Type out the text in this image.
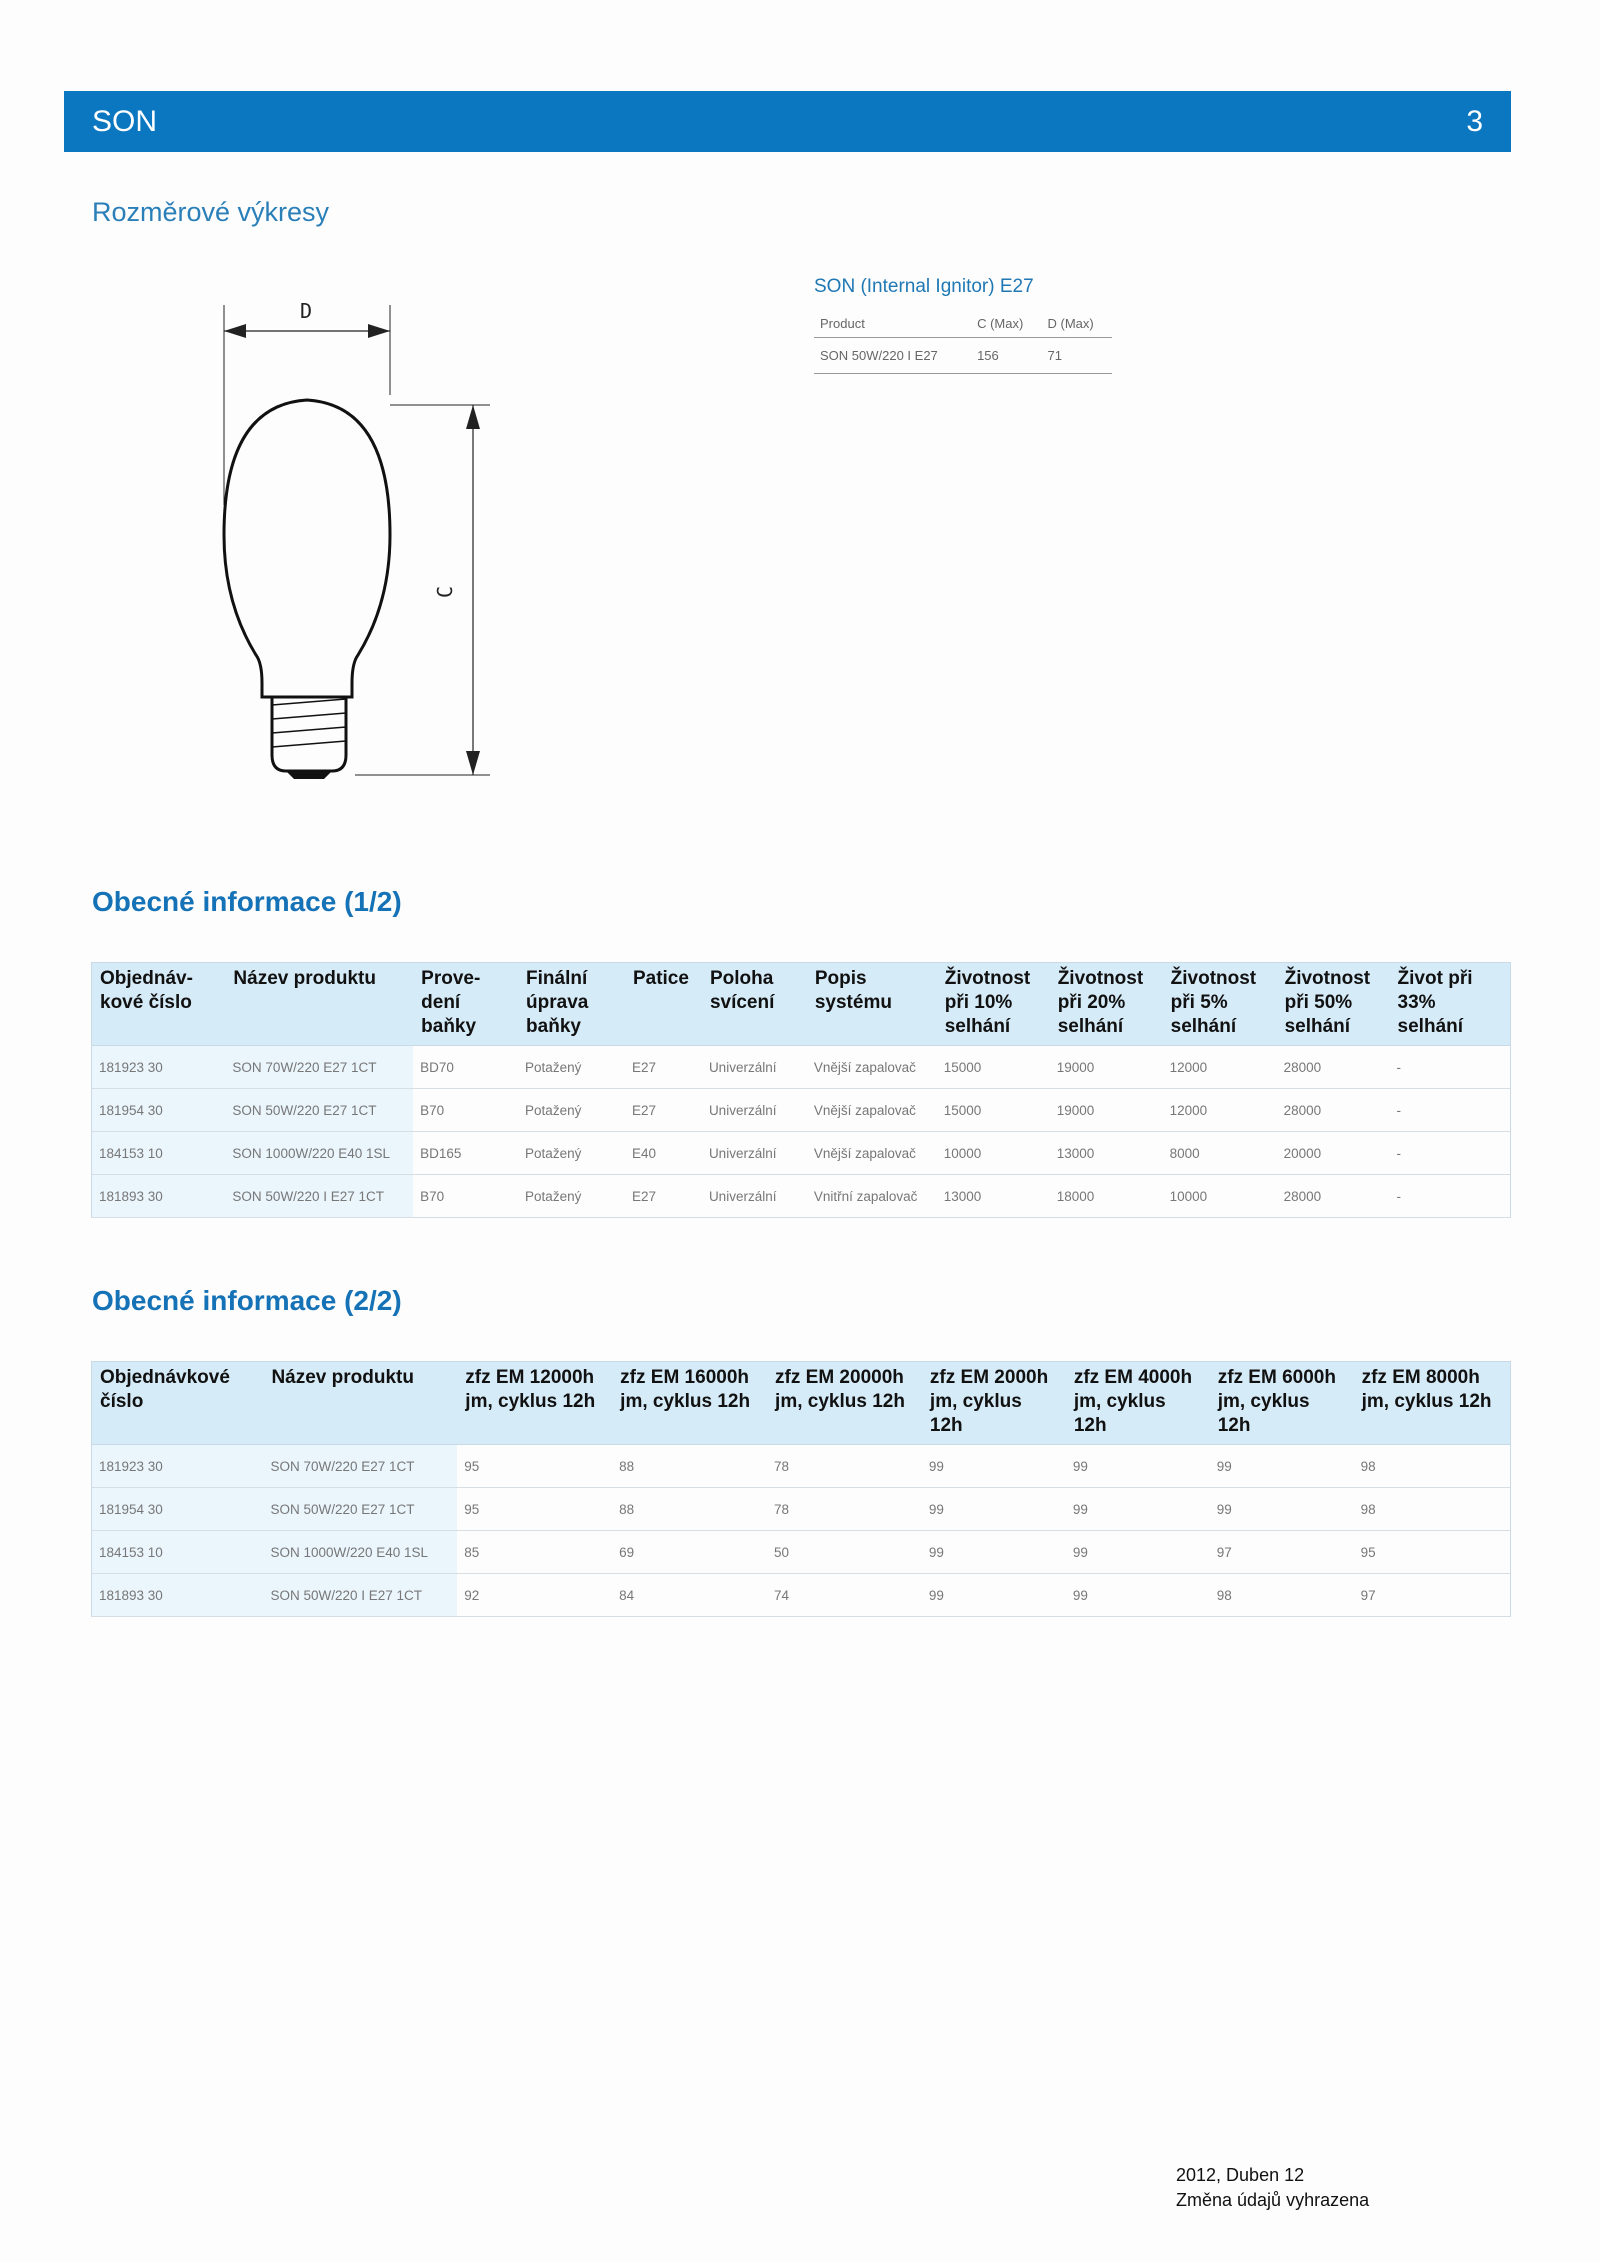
SON	3
Rozměrové výkresy
D
C
SON (Internal Ignitor) E27
Product	C (Max)	D (Max)
SON 50W/220 I E27	156	71
Obecné informace (1/2)
Objednáv-kové číslo	Název produktu	Prove-dení baňky	Finální úprava baňky	Patice	Poloha svícení	Popis systému	Životnost při 10% selhání	Životnost při 20% selhání	Životnost při 5% selhání	Životnost při 50% selhání	Život při 33% selhání
181923 30	SON 70W/220 E27 1CT	BD70	Potažený	E27	Univerzální	Vnější zapalovač	15000	19000	12000	28000	-
181954 30	SON 50W/220 E27 1CT	B70	Potažený	E27	Univerzální	Vnější zapalovač	15000	19000	12000	28000	-
184153 10	SON 1000W/220 E40 1SL	BD165	Potažený	E40	Univerzální	Vnější zapalovač	10000	13000	8000	20000	-
181893 30	SON 50W/220 I E27 1CT	B70	Potažený	E27	Univerzální	Vnitřní zapalovač	13000	18000	10000	28000	-
Obecné informace (2/2)
Objednávkové číslo	Název produktu	zfz EM 12000h jm, cyklus 12h	zfz EM 16000h jm, cyklus 12h	zfz EM 20000h jm, cyklus 12h	zfz EM 2000h jm, cyklus 12h	zfz EM 4000h jm, cyklus 12h	zfz EM 6000h jm, cyklus 12h	zfz EM 8000h jm, cyklus 12h
181923 30	SON 70W/220 E27 1CT	95	88	78	99	99	99	98
181954 30	SON 50W/220 E27 1CT	95	88	78	99	99	99	98
184153 10	SON 1000W/220 E40 1SL	85	69	50	99	99	97	95
181893 30	SON 50W/220 I E27 1CT	92	84	74	99	99	98	97
2012, Duben 12
Změna údajů vyhrazena
